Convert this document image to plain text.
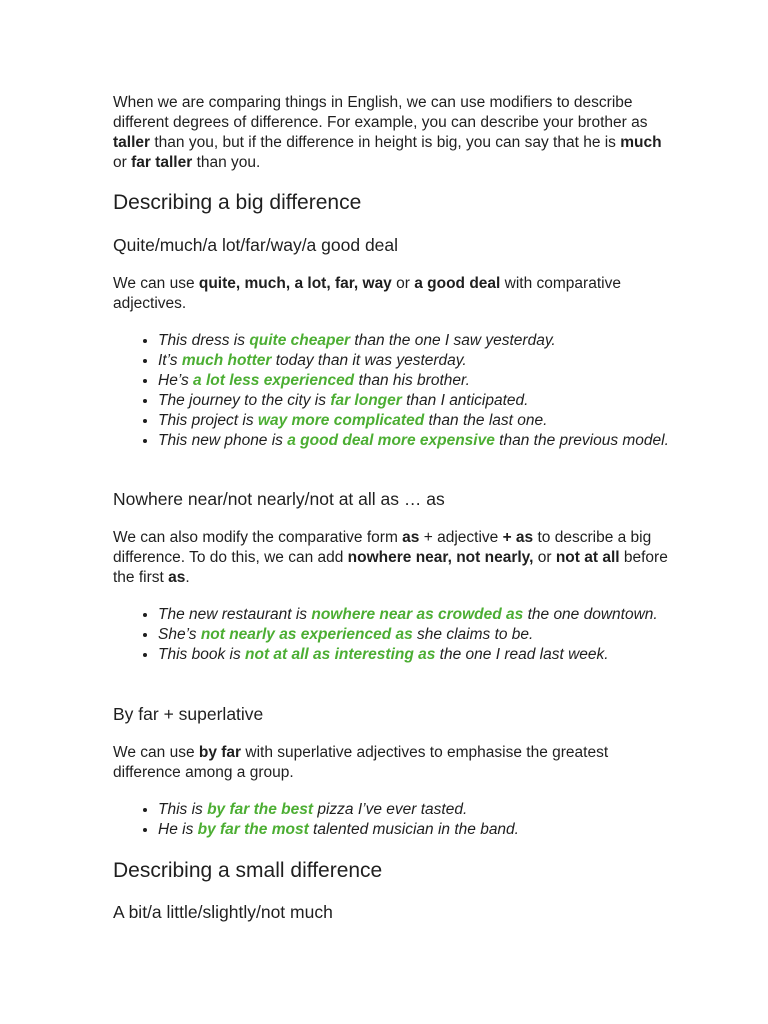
When we are comparing things in English, we can use modifiers to describe different degrees of difference. For example, you can describe your brother as taller than you, but if the difference in height is big, you can say that he is much or far taller than you.

Describing a big difference
Quite/much/a lot/far/way/a good deal

We can use quite, much, a lot, far, way or a good deal with comparative adjectives.

• This dress is quite cheaper than the one I saw yesterday.
• It’s much hotter today than it was yesterday.
• He’s a lot less experienced than his brother.
• The journey to the city is far longer than I anticipated.
• This project is way more complicated than the last one.
• This new phone is a good deal more expensive than the previous model.
Nowhere near/not nearly/not at all as … as

We can also modify the comparative form as + adjective + as to describe a big difference. To do this, we can add nowhere near, not nearly, or not at all before the first as.

• The new restaurant is nowhere near as crowded as the one downtown.
• She’s not nearly as experienced as she claims to be.
• This book is not at all as interesting as the one I read last week.
By far + superlative

We can use by far with superlative adjectives to emphasise the greatest difference among a group.

• This is by far the best pizza I’ve ever tasted.
• He is by far the most talented musician in the band.
Describing a small difference
A bit/a little/slightly/not much
